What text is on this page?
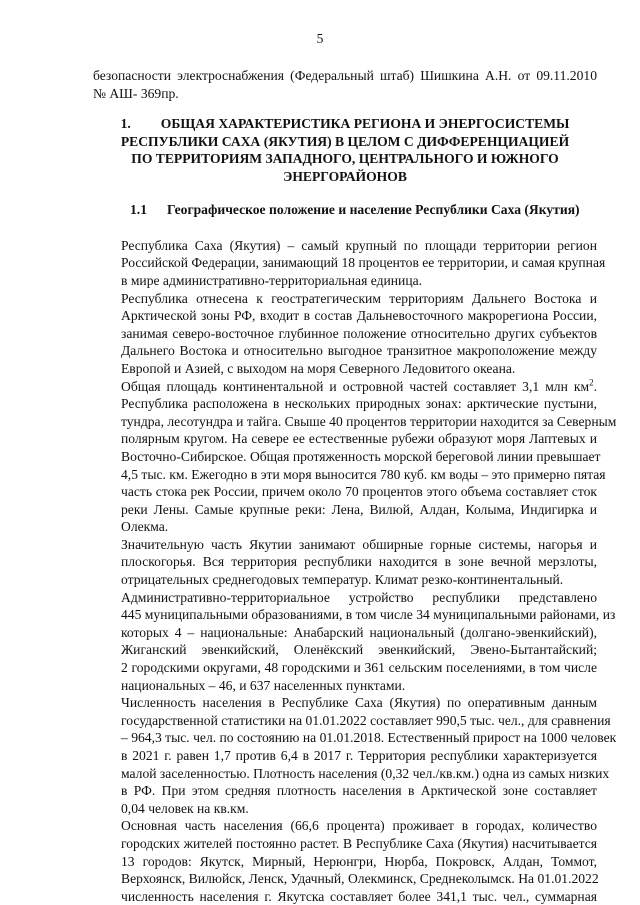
5

безопасности электроснабжения (Федеральный штаб) Шишкина А.Н. от 09.11.2010
№ АШ- 369пр.

1. ОБЩАЯ ХАРАКТЕРИСТИКА РЕГИОНА И ЭНЕРГОСИСТЕМЫ
РЕСПУБЛИКИ САХА (ЯКУТИЯ) В ЦЕЛОМ С ДИФФЕРЕНЦИАЦИЕЙ
ПО ТЕРРИТОРИЯМ ЗАПАДНОГО, ЦЕНТРАЛЬНОГО И ЮЖНОГО
ЭНЕРГОРАЙОНОВ
1.1 Географическое положение и население Республики Саха (Якутия)

Республика Саха (Якутия) – самый крупный по площади территории регион
Российской Федерации, занимающий 18 процентов ее территории, и самая крупная
в мире административно-территориальная единица.

Республика отнесена к геостратегическим территориям Дальнего Востока и
Арктической зоны РФ, входит в состав Дальневосточного макрорегиона России,
занимая северо-восточное глубинное положение относительно других субъектов
Дальнего Востока и относительно выгодное транзитное макроположение между
Европой и Азией, с выходом на моря Северного Ледовитого океана.

Общая площадь континентальной и островной частей составляет 3,1 млн $км^2$.
Республика расположена в нескольких природных зонах: арктические пустыни,
тундра, лесотундра и тайга. Свыше 40 процентов территории находится за Северным
полярным кругом. На севере ее естественные рубежи образуют моря Лаптевых и
Восточно-Сибирское. Общая протяженность морской береговой линии превышает
4,5 тыс. км. Ежегодно в эти моря выносится 780 куб. км воды – это примерно пятая
часть стока рек России, причем около 70 процентов этого объема составляет сток
реки Лены. Самые крупные реки: Лена, Вилюй, Алдан, Колыма, Индигирка и
Олекма.

Значительную часть Якутии занимают обширные горные системы, нагорья и
плоскогорья. Вся территория республики находится в зоне вечной мерзлоты,
отрицательных среднегодовых температур. Климат резко-континентальный.

Административно-территориальное устройство республики представлено
445 муниципальными образованиями, в том числе 34 муниципальными районами, из
которых 4 – национальные: Анабарский национальный (долгано-эвенкийский),
Жиганский эвенкийский, Оленёкский эвенкийский, Эвено-Бытантайский;
2 городскими округами, 48 городскими и 361 сельским поселениями, в том числе
национальных – 46, и 637 населенных пунктами.

Численность населения в Республике Саха (Якутия) по оперативным данным
государственной статистики на 01.01.2022 составляет 990,5 тыс. чел., для сравнения
– 964,3 тыс. чел. по состоянию на 01.01.2018. Естественный прирост на 1000 человек
в 2021 г. равен 1,7 против 6,4 в 2017 г. Территория республики характеризуется
малой заселенностью. Плотность населения (0,32 чел./кв.км.) одна из самых низких
в РФ. При этом средняя плотность населения в Арктической зоне составляет
0,04 человек на кв.км.

Основная часть населения (66,6 процента) проживает в городах, количество
городских жителей постоянно растет. В Республике Саха (Якутия) насчитывается
13 городов: Якутск, Мирный, Нерюнгри, Нюрба, Покровск, Алдан, Томмот,
Верхоянск, Вилюйск, Ленск, Удачный, Олекминск, Среднеколымск. На 01.01.2022
численность населения г. Якутска составляет более 341,1 тыс. чел., суммарная
